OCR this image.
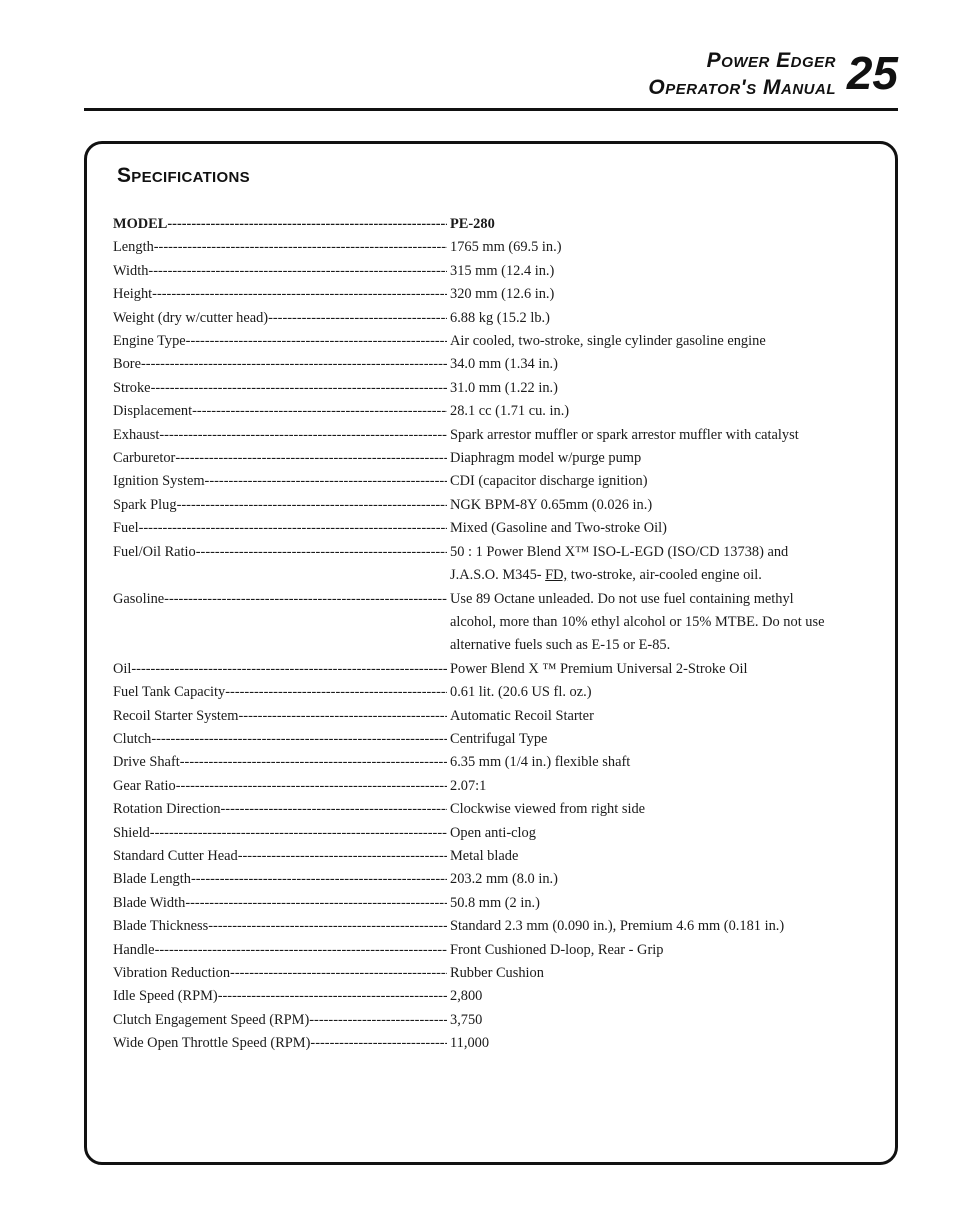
Power Edger
Operator's Manual 25
Specifications
MODEL -----	PE-280
Length -----	1765 mm (69.5 in.)
Width -----	315 mm (12.4 in.)
Height -----	320 mm (12.6 in.)
Weight (dry w/cutter head) -----	6.88 kg (15.2 lb.)
Engine Type -----	Air cooled, two-stroke, single cylinder gasoline engine
Bore -----	34.0 mm (1.34 in.)
Stroke -----	31.0 mm (1.22 in.)
Displacement -----	28.1 cc (1.71 cu. in.)
Exhaust -----	Spark arrestor muffler or spark arrestor muffler with catalyst
Carburetor -----	Diaphragm model w/purge pump
Ignition System -----	CDI (capacitor discharge ignition)
Spark Plug -----	NGK BPM-8Y 0.65mm (0.026 in.)
Fuel -----	Mixed (Gasoline and Two-stroke Oil)
Fuel/Oil Ratio -----	50 : 1 Power Blend X™ ISO-L-EGD (ISO/CD 13738) and
J.A.S.O. M345- FD, two-stroke, air-cooled engine oil.
Gasoline -----	Use 89 Octane unleaded. Do not use fuel containing methyl
alcohol, more than 10% ethyl alcohol or 15% MTBE. Do not use
alternative fuels such as E-15 or E-85.
Oil -----	Power Blend X ™ Premium Universal 2-Stroke Oil
Fuel Tank Capacity -----	0.61 lit. (20.6 US fl. oz.)
Recoil Starter System -----	Automatic Recoil Starter
Clutch -----	Centrifugal Type
Drive Shaft -----	6.35 mm (1/4 in.) flexible shaft
Gear Ratio -----	2.07:1
Rotation Direction -----	Clockwise viewed from right side
Shield -----	Open anti-clog
Standard Cutter Head -----	Metal blade
Blade Length -----	203.2 mm (8.0 in.)
Blade Width -----	50.8 mm (2 in.)
Blade Thickness -----	Standard 2.3 mm (0.090 in.), Premium 4.6 mm (0.181 in.)
Handle -----	Front Cushioned D-loop, Rear - Grip
Vibration Reduction -----	Rubber Cushion
Idle Speed (RPM) -----	2,800
Clutch Engagement Speed (RPM) -----	3,750
Wide Open Throttle Speed (RPM) -----	11,000
